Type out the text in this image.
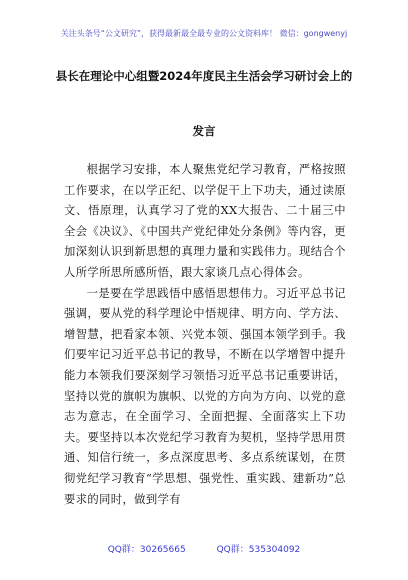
关注头条号“公文研究”，获得最新最全最专业的公文资料库！ 微信：gongwenyj
县长在理论中心组暨2024年度民主生活会学习研讨会上的
发言

根据学习安排，本人聚焦党纪学习教育，严格按照工作要求，在以学正纪、以学促干上下功夫，通过读原文、悟原理，认真学习了党的XX大报告、二十届三中全会《决议》、《中国共产党纪律处分条例》等内容，更加深刻认识到新思想的真理力量和实践伟力。现结合个人所学所思所感所悟，跟大家谈几点心得体会。

一是要在学思践悟中感悟思想伟力。习近平总书记强调，要从党的科学理论中悟规律、明方向、学方法、增智慧，把看家本领、兴党本领、强国本领学到手。我们要牢记习近平总书记的教导，不断在以学增智中提升能力本领我们要深刻学习领悟习近平总书记重要讲话，坚持以党的旗帜为旗帜、以党的方向为方向、以党的意志为意志，在全面学习、全面把握、全面落实上下功夫。要坚持以本次党纪学习教育为契机，坚持学思用贯通、知信行统一，多点深度思考、多点系统谋划，在贯彻党纪学习教育“学思想、强党性、重实践、建新功”总要求的同时，做到学有

QQ群：30265665	QQ群：535304092
